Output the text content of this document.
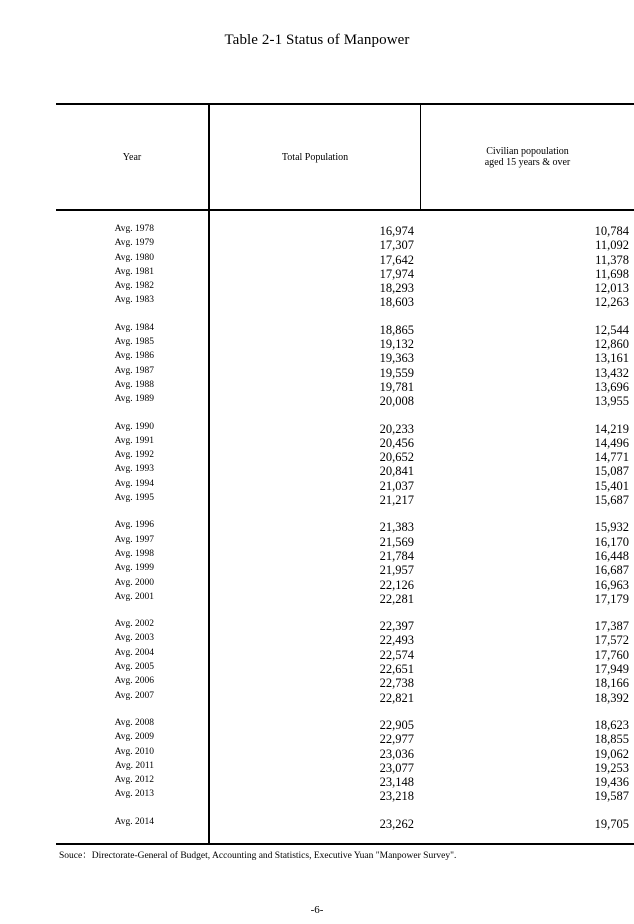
Table 2-1 Status of Manpower
Year	Total Population	Civilian popoulation
aged 15 years & over
Avg. 1978	16,974	10,784
Avg. 1979	17,307	11,092
Avg. 1980	17,642	11,378
Avg. 1981	17,974	11,698
Avg. 1982	18,293	12,013
Avg. 1983	18,603	12,263
Avg. 1984	18,865	12,544
Avg. 1985	19,132	12,860
Avg. 1986	19,363	13,161
Avg. 1987	19,559	13,432
Avg. 1988	19,781	13,696
Avg. 1989	20,008	13,955
Avg. 1990	20,233	14,219
Avg. 1991	20,456	14,496
Avg. 1992	20,652	14,771
Avg. 1993	20,841	15,087
Avg. 1994	21,037	15,401
Avg. 1995	21,217	15,687
Avg. 1996	21,383	15,932
Avg. 1997	21,569	16,170
Avg. 1998	21,784	16,448
Avg. 1999	21,957	16,687
Avg. 2000	22,126	16,963
Avg. 2001	22,281	17,179
Avg. 2002	22,397	17,387
Avg. 2003	22,493	17,572
Avg. 2004	22,574	17,760
Avg. 2005	22,651	17,949
Avg. 2006	22,738	18,166
Avg. 2007	22,821	18,392
Avg. 2008	22,905	18,623
Avg. 2009	22,977	18,855
Avg. 2010	23,036	19,062
Avg. 2011	23,077	19,253
Avg. 2012	23,148	19,436
Avg. 2013	23,218	19,587
Avg. 2014	23,262	19,705
Souce：Directorate-General of Budget, Accounting and Statistics, Executive Yuan "Manpower Survey".
-6-
